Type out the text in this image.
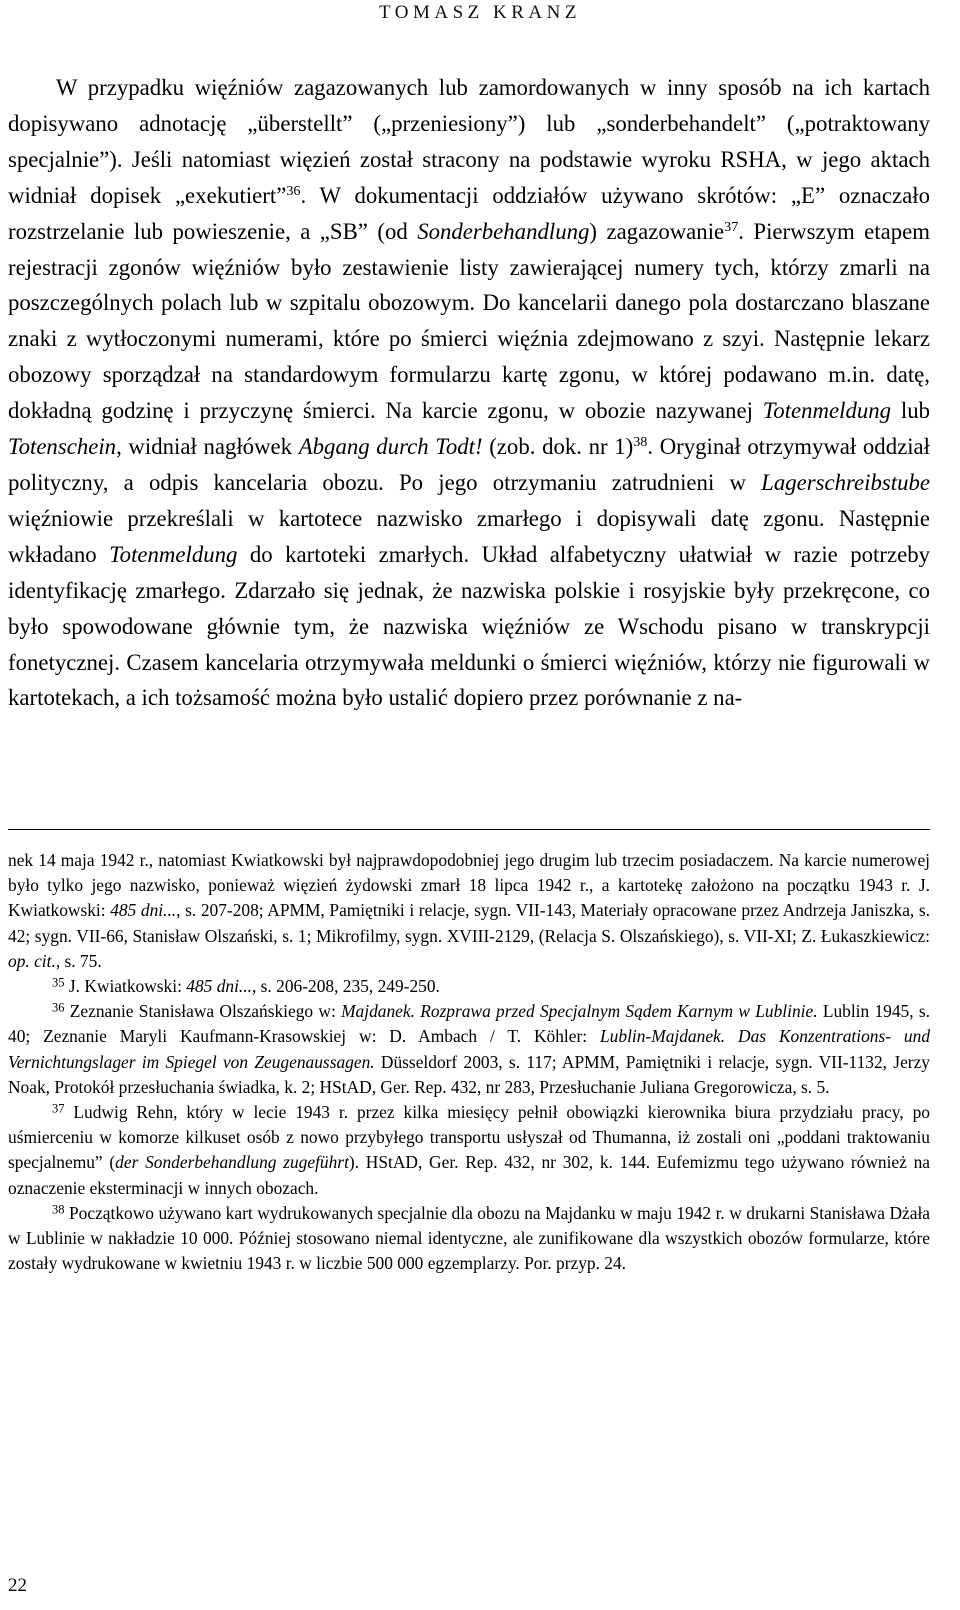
TOMASZ KRANZ

W przypadku więźniów zagazowanych lub zamordowanych w inny sposób na ich kartach dopisywano adnotację „überstellt” („przeniesiony”) lub „sonderbehandelt” („potraktowany specjalnie”). Jeśli natomiast więzień został stracony na podstawie wyroku RSHA, w jego aktach widniał dopisek „exekutiert”$^{36}$. W dokumentacji oddziałów używano skrótów: „E” oznaczało rozstrzelanie lub powieszenie, a „SB” (od Sonderbehandlung) zagazowanie$^{37}$. Pierwszym etapem rejestracji zgonów więźniów było zestawienie listy zawierającej numery tych, którzy zmarli na poszczególnych polach lub w szpitalu obozowym. Do kancelarii danego pola dostarczano blaszane znaki z wytłoczonymi numerami, które po śmierci więźnia zdejmowano z szyi. Następnie lekarz obozowy sporządzał na standardowym formularzu kartę zgonu, w której podawano m.in. datę, dokładną godzinę i przyczynę śmierci. Na karcie zgonu, w obozie nazywanej Totenmeldung lub Totenschein, widniał nagłówek Abgang durch Todt! (zob. dok. nr 1)$^{38}$. Oryginał otrzymywał oddział polityczny, a odpis kancelaria obozu. Po jego otrzymaniu zatrudnieni w Lagerschreibstube więźniowie przekreślali w kartotece nazwisko zmarłego i dopisywali datę zgonu. Następnie wkładano Totenmeldung do kartoteki zmarłych. Układ alfabetyczny ułatwiał w razie potrzeby identyfikację zmarłego. Zdarzało się jednak, że nazwiska polskie i rosyjskie były przekręcone, co było spowodowane głównie tym, że nazwiska więźniów ze Wschodu pisano w transkrypcji fonetycznej. Czasem kancelaria otrzymywała meldunki o śmierci więźniów, którzy nie figurowali w kartotekach, a ich tożsamość można było ustalić dopiero przez porównanie z na-

nek 14 maja 1942 r., natomiast Kwiatkowski był najprawdopodobniej jego drugim lub trzecim posiadaczem. Na karcie numerowej było tylko jego nazwisko, ponieważ więzień żydowski zmarł 18 lipca 1942 r., a kartotekę założono na początku 1943 r. J. Kwiatkowski: 485 dni..., s. 207-208; APMM, Pamiętniki i relacje, sygn. VII-143, Materiały opracowane przez Andrzeja Janiszka, s. 42; sygn. VII-66, Stanisław Olszański, s. 1; Mikrofilmy, sygn. XVIII-2129, (Relacja S. Olszańskiego), s. VII-XI; Z. Łukaszkiewicz: op. cit., s. 75.

$^{35}$ J. Kwiatkowski: 485 dni..., s. 206-208, 235, 249-250.

$^{36}$ Zeznanie Stanisława Olszańskiego w: Majdanek. Rozprawa przed Specjalnym Sądem Karnym w Lublinie. Lublin 1945, s. 40; Zeznanie Maryli Kaufmann-Krasowskiej w: D. Ambach / T. Köhler: Lublin-Majdanek. Das Konzentrations- und Vernichtungslager im Spiegel von Zeugenaussagen. Düsseldorf 2003, s. 117; APMM, Pamiętniki i relacje, sygn. VII-1132, Jerzy Noak, Protokół przesłuchania świadka, k. 2; HStAD, Ger. Rep. 432, nr 283, Przesłuchanie Juliana Gregorowicza, s. 5.

$^{37}$ Ludwig Rehn, który w lecie 1943 r. przez kilka miesięcy pełnił obowiązki kierownika biura przydziału pracy, po uśmierceniu w komorze kilkuset osób z nowo przybyłego transportu usłyszał od Thumanna, iż zostali oni „poddani traktowaniu specjalnemu” (der Sonderbehandlung zugeführt). HStAD, Ger. Rep. 432, nr 302, k. 144. Eufemizmu tego używano również na oznaczenie eksterminacji w innych obozach.

$^{38}$ Początkowo używano kart wydrukowanych specjalnie dla obozu na Majdanku w maju 1942 r. w drukarni Stanisława Dżała w Lublinie w nakładzie 10 000. Później stosowano niemal identyczne, ale zunifikowane dla wszystkich obozów formularze, które zostały wydrukowane w kwietniu 1943 r. w liczbie 500 000 egzemplarzy. Por. przyp. 24.

22
